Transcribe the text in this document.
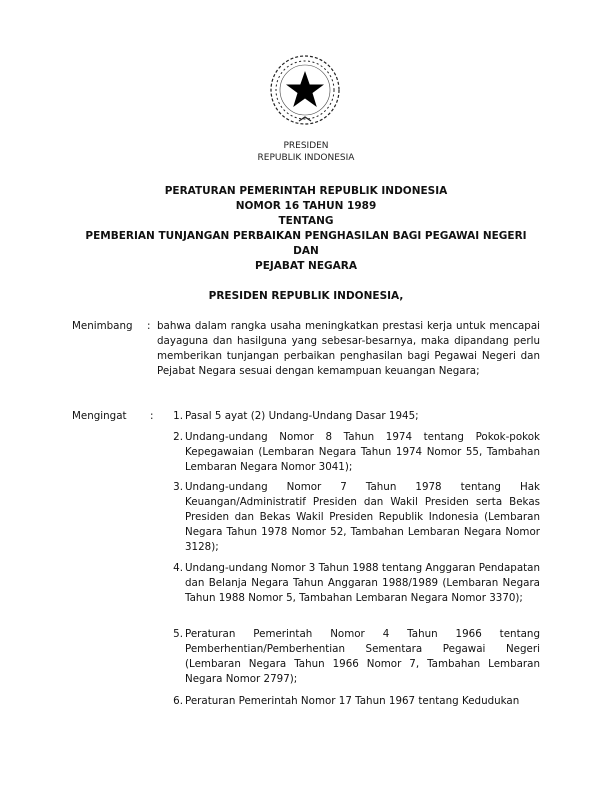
PRESIDEN
REPUBLIK INDONESIA
PERATURAN PEMERINTAH REPUBLIK INDONESIA
NOMOR 16 TAHUN 1989
TENTANG
PEMBERIAN TUNJANGAN PERBAIKAN PENGHASILAN BAGI PEGAWAI NEGERI
DAN
PEJABAT NEGARA
PRESIDEN REPUBLIK INDONESIA,
Menimbang : bahwa dalam rangka usaha meningkatkan prestasi kerja untuk mencapai dayaguna dan hasilguna yang sebesar-besarnya, maka dipandang perlu memberikan tunjangan perbaikan penghasilan bagi Pegawai Negeri dan Pejabat Negara sesuai dengan kemampuan keuangan Negara;
Mengingat :	1. Pasal 5 ayat (2) Undang-Undang Dasar 1945;
2. Undang-undang Nomor 8 Tahun 1974 tentang Pokok-pokok Kepegawaian (Lembaran Negara Tahun 1974 Nomor 55, Tambahan Lembaran Negara Nomor 3041);
3. Undang-undang Nomor 7 Tahun 1978 tentang Hak Keuangan/Administratif Presiden dan Wakil Presiden serta Bekas Presiden dan Bekas Wakil Presiden Republik Indonesia (Lembaran Negara Tahun 1978 Nomor 52, Tambahan Lembaran Negara Nomor 3128);
4. Undang-undang Nomor 3 Tahun 1988 tentang Anggaran Pendapatan dan Belanja Negara Tahun Anggaran 1988/1989 (Lembaran Negara Tahun 1988 Nomor 5, Tambahan Lembaran Negara Nomor 3370);
5. Peraturan Pemerintah Nomor 4 Tahun 1966 tentang Pemberhentian/Pemberhentian Sementara Pegawai Negeri (Lembaran Negara Tahun 1966 Nomor 7, Tambahan Lembaran Negara Nomor 2797);
6. Peraturan Pemerintah Nomor 17 Tahun 1967 tentang Kedudukan
